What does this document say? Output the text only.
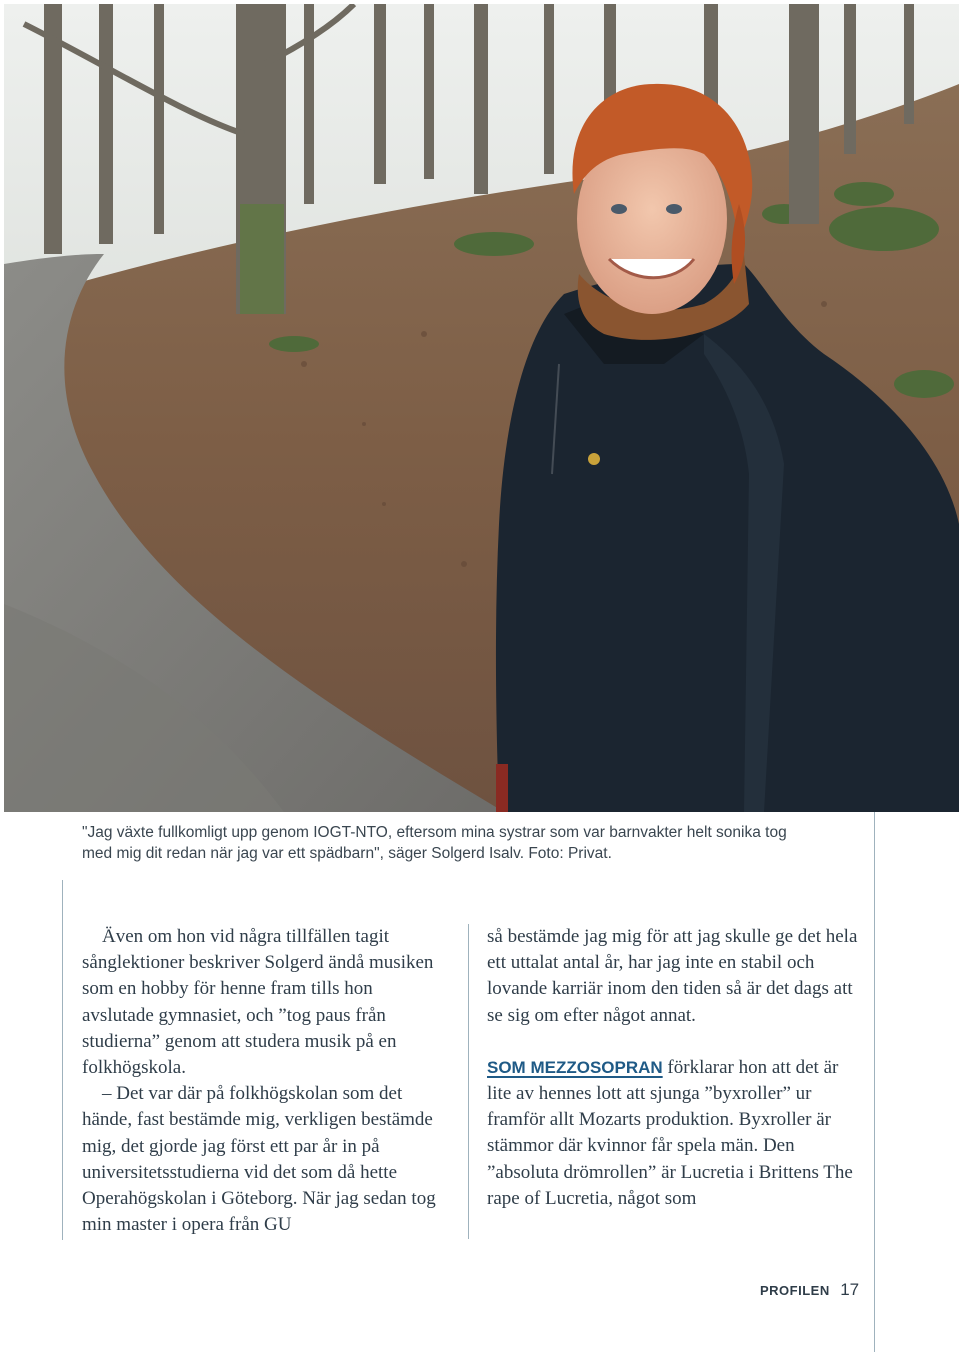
"Jag växte fullkomligt upp genom IOGT-NTO, eftersom mina systrar som var barnvakter helt sonika tog med mig dit redan när jag var ett spädbarn", säger Solgerd Isalv. Foto: Privat.

Även om hon vid några tillfällen tagit sånglektioner beskriver Solgerd ändå musiken som en hobby för henne fram tills hon avslutade gymnasiet, och ”tog paus från studierna” genom att studera musik på en folkhögskola.

– Det var där på folkhögskolan som det hände, fast bestämde mig, verkligen bestämde mig, det gjorde jag först ett par år in på universitetsstudierna vid det som då hette Operahögskolan i Göteborg. När jag sedan tog min master i opera från GU

så bestämde jag mig för att jag skulle ge det hela ett uttalat antal år, har jag inte en stabil och lovande karriär inom den tiden så är det dags att se sig om efter något annat.

SOM MEZZOSOPRAN förklarar hon att det är lite av hennes lott att sjunga ”byxroller” ur framför allt Mozarts produktion. Byxroller är stämmor där kvinnor får spela män. Den ”absoluta drömrollen” är Lucretia i Brittens The rape of Lucretia, något som

PROFILEN 17
